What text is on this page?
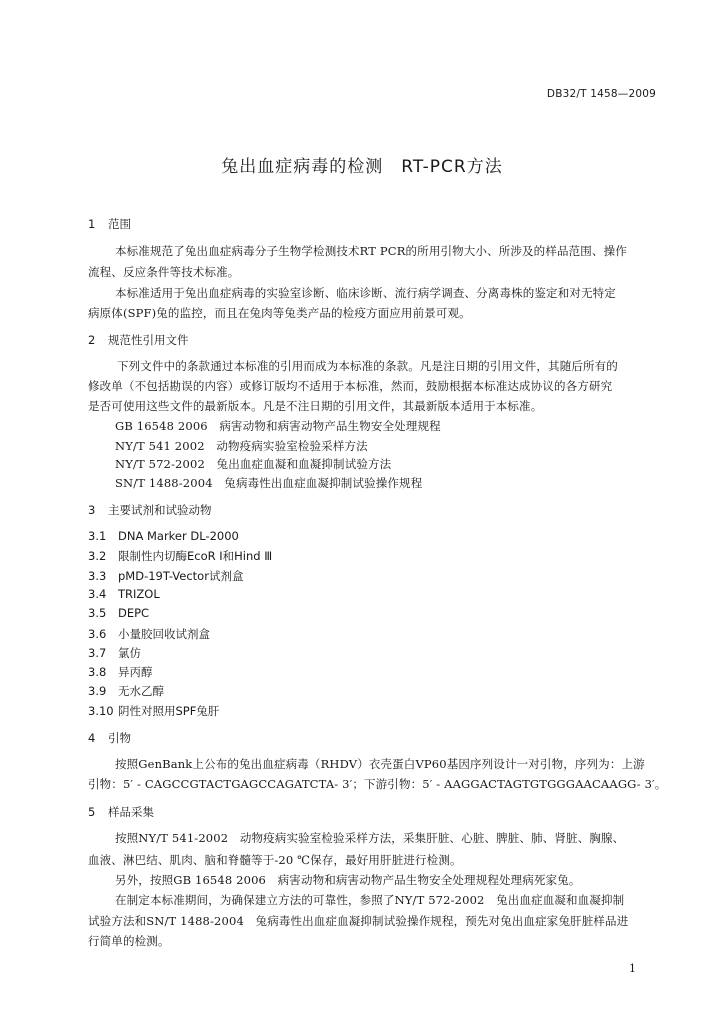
DB32/T 1458—2009
兔出血症病毒的检测　RT-PCR方法
1 范围
本标准规范了兔出血症病毒分子生物学检测技术RT PCR的所用引物大小、所涉及的样品范围、操作
流程、反应条件等技术标准。
本标准适用于兔出血症病毒的实验室诊断、临床诊断、流行病学调查、分离毒株的鉴定和对无特定
病原体(SPF)兔的监控，而且在兔肉等兔类产品的检疫方面应用前景可观。
2 规范性引用文件
下列文件中的条款通过本标准的引用而成为本标准的条款。凡是注日期的引用文件，其随后所有的
修改单（不包括勘误的内容）或修订版均不适用于本标准，然而，鼓励根据本标准达成协议的各方研究
是否可使用这些文件的最新版本。凡是不注日期的引用文件，其最新版本适用于本标准。
GB 16548 2006　病害动物和病害动物产品生物安全处理规程
NY/T 541 2002　动物疫病实验室检验采样方法
NY/T 572-2002　兔出血症血凝和血凝抑制试验方法
SN/T 1488-2004　兔病毒性出血症血凝抑制试验操作规程
3 主要试剂和试验动物
3.1 DNA Marker DL-2000
3.2 限制性内切酶EcoR I和Hind Ⅲ
3.3 pMD-19T-Vector试剂盒
3.4 TRIZOL
3.5 DEPC
3.6 小量胶回收试剂盒
3.7 氯仿
3.8 异丙醇
3.9 无水乙醇
3.10 阴性对照用SPF兔肝
4 引物
按照GenBank上公布的兔出血症病毒（RHDV）衣壳蛋白VP60基因序列设计一对引物，序列为：上游
引物：5′ - CAGCCGTACTGAGCCAGATCTA- 3′；下游引物：5′ - AAGGACTAGTGTGGGAACAAGG- 3′。
5 样品采集
按照NY/T 541-2002　动物疫病实验室检验采样方法，采集肝脏、心脏、脾脏、肺、肾脏、胸腺、
血液、淋巴结、肌肉、脑和脊髓等于-20 ℃保存，最好用肝脏进行检测。
另外，按照GB 16548 2006　病害动物和病害动物产品生物安全处理规程处理病死家兔。
在制定本标准期间，为确保建立方法的可靠性，参照了NY/T 572-2002　兔出血症血凝和血凝抑制
试验方法和SN/T 1488-2004　兔病毒性出血症血凝抑制试验操作规程，预先对兔出血症家兔肝脏样品进
行简单的检测。
1
